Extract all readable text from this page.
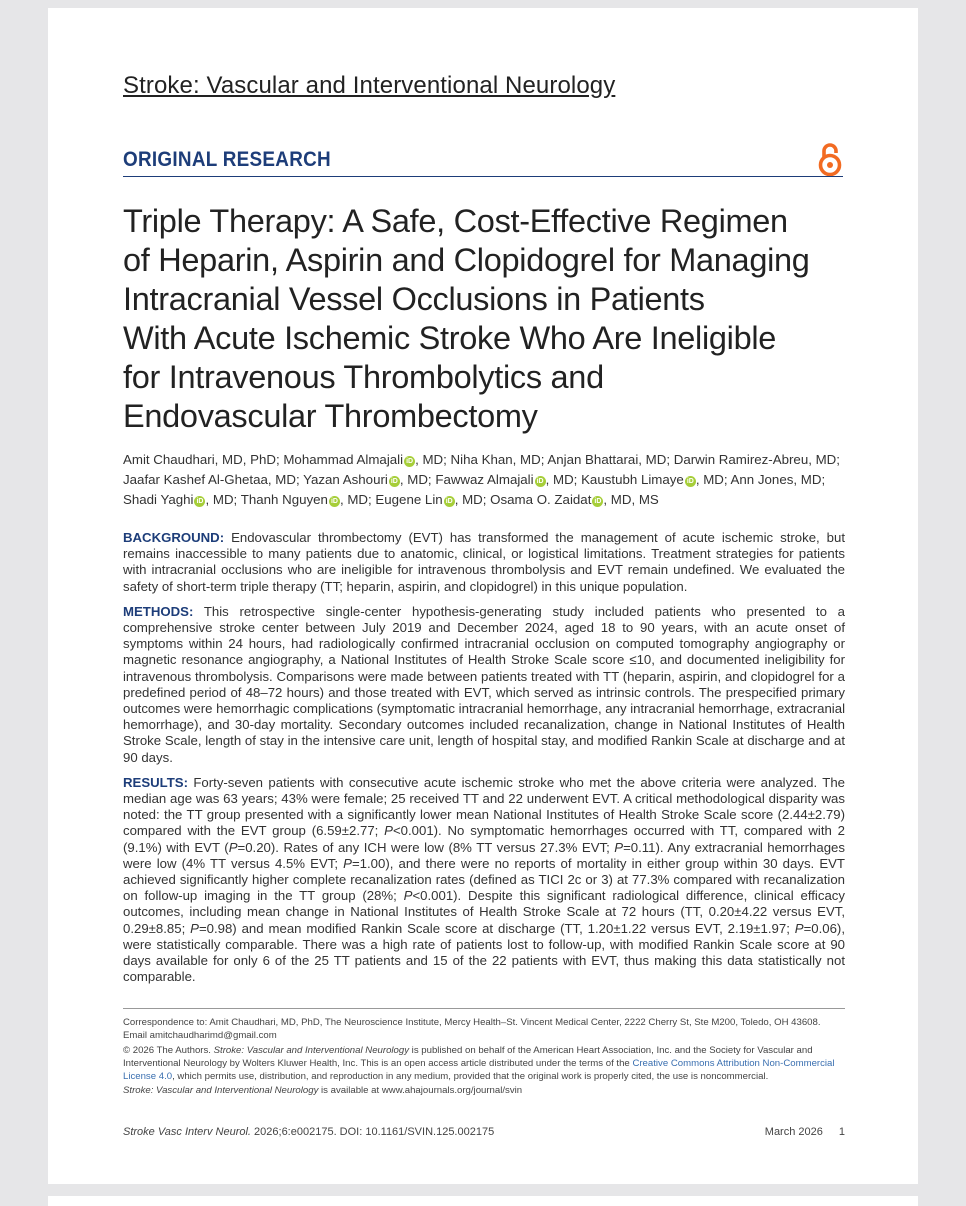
Stroke: Vascular and Interventional Neurology
ORIGINAL RESEARCH
Triple Therapy: A Safe, Cost-Effective Regimen
of Heparin, Aspirin and Clopidogrel for Managing
Intracranial Vessel Occlusions in Patients
With Acute Ischemic Stroke Who Are Ineligible
for Intravenous Thrombolytics and
Endovascular Thrombectomy
Amit Chaudhari, MD, PhD; Mohammad Almajali iD , MD; Niha Khan, MD; Anjan Bhattarai, MD; Darwin Ramirez-Abreu, MD;
Jaafar Kashef Al-Ghetaa, MD; Yazan Ashouri iD , MD; Fawwaz Almajali iD , MD; Kaustubh Limaye iD , MD; Ann Jones, MD;
Shadi Yaghi iD , MD; Thanh Nguyen iD , MD; Eugene Lin iD , MD; Osama O. Zaidat iD , MD, MS

BACKGROUND: Endovascular thrombectomy (EVT) has transformed the management of acute ischemic stroke, but remains inaccessible to many patients due to anatomic, clinical, or logistical limitations. Treatment strategies for patients with intracranial occlusions who are ineligible for intravenous thrombolysis and EVT remain undefined. We evaluated the safety of short-term triple therapy (TT; heparin, aspirin, and clopidogrel) in this unique population.

METHODS: This retrospective single-center hypothesis-generating study included patients who presented to a comprehensive stroke center between July 2019 and December 2024, aged 18 to 90 years, with an acute onset of symptoms within 24 hours, had radiologically confirmed intracranial occlusion on computed tomography angiography or magnetic resonance angiography, a National Institutes of Health Stroke Scale score ≤10, and documented ineligibility for intravenous thrombolysis. Comparisons were made between patients treated with TT (heparin, aspirin, and clopidogrel for a predefined period of 48–72 hours) and those treated with EVT, which served as intrinsic controls. The prespecified primary outcomes were hemorrhagic complications (symptomatic intracranial hemorrhage, any intracranial hemorrhage, extracranial hemorrhage), and 30-day mortality. Secondary outcomes included recanalization, change in National Institutes of Health Stroke Scale, length of stay in the intensive care unit, length of hospital stay, and modified Rankin Scale at discharge and at 90 days.

RESULTS: Forty-seven patients with consecutive acute ischemic stroke who met the above criteria were analyzed. The median age was 63 years; 43% were female; 25 received TT and 22 underwent EVT. A critical methodological disparity was noted: the TT group presented with a significantly lower mean National Institutes of Health Stroke Scale score (2.44±2.79) compared with the EVT group (6.59±2.77; P<0.001). No symptomatic hemorrhages occurred with TT, compared with 2 (9.1%) with EVT (P=0.20). Rates of any ICH were low (8% TT versus 27.3% EVT; P=0.11). Any extracranial hemorrhages were low (4% TT versus 4.5% EVT; P=1.00), and there were no reports of mortality in either group within 30 days. EVT achieved significantly higher complete recanalization rates (defined as TICI 2c or 3) at 77.3% compared with recanalization on follow-up imaging in the TT group (28%; P<0.001). Despite this significant radiological difference, clinical efficacy outcomes, including mean change in National Institutes of Health Stroke Scale at 72 hours (TT, 0.20±4.22 versus EVT, 0.29±8.85; P=0.98) and mean modified Rankin Scale score at discharge (TT, 1.20±1.22 versus EVT, 2.19±1.97; P=0.06), were statistically comparable. There was a high rate of patients lost to follow-up, with modified Rankin Scale score at 90 days available for only 6 of the 25 TT patients and 15 of the 22 patients with EVT, thus making this data statistically not comparable.

Correspondence to: Amit Chaudhari, MD, PhD, The Neuroscience Institute, Mercy Health–St. Vincent Medical Center, 2222 Cherry St, Ste M200, Toledo, OH 43608. Email amitchaudharimd@gmail.com

© 2026 The Authors. Stroke: Vascular and Interventional Neurology is published on behalf of the American Heart Association, Inc. and the Society for Vascular and Interventional Neurology by Wolters Kluwer Health, Inc. This is an open access article distributed under the terms of the Creative Commons Attribution Non-Commercial License 4.0, which permits use, distribution, and reproduction in any medium, provided that the original work is properly cited, the use is noncommercial.

Stroke: Vascular and Interventional Neurology is available at www.ahajournals.org/journal/svin

Stroke Vasc Interv Neurol. 2026;6:e002175. DOI: 10.1161/SVIN.125.002175	March 2026 1
